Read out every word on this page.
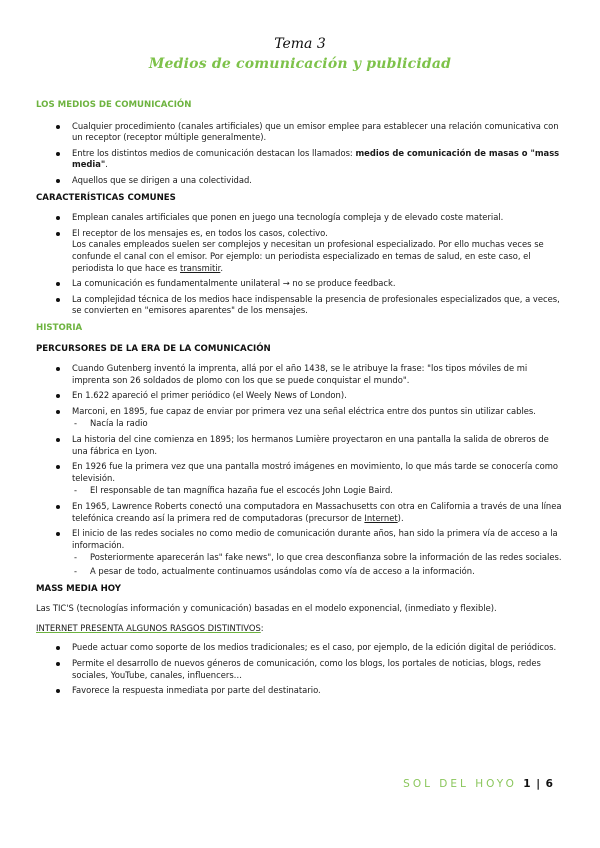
Tema 3
Medios de comunicación y publicidad
LOS MEDIOS DE COMUNICACIÓN
Cualquier procedimiento (canales artificiales) que un emisor emplee para establecer una relación comunicativa con un receptor (receptor múltiple generalmente).
Entre los distintos medios de comunicación destacan los llamados: medios de comunicación de masas o "mass media".
Aquellos que se dirigen a una colectividad.
CARACTERÍSTICAS COMUNES
Emplean canales artificiales que ponen en juego una tecnología compleja y de elevado coste material.
El receptor de los mensajes es, en todos los casos, colectivo.
Los canales empleados suelen ser complejos y necesitan un profesional especializado. Por ello muchas veces se confunde el canal con el emisor. Por ejemplo: un periodista especializado en temas de salud, en este caso, el periodista lo que hace es transmitir.
La comunicación es fundamentalmente unilateral → no se produce feedback.
La complejidad técnica de los medios hace indispensable la presencia de profesionales especializados que, a veces, se convierten en "emisores aparentes" de los mensajes.
HISTORIA
PERCURSORES DE LA ERA DE LA COMUNICACIÓN
Cuando Gutenberg inventó la imprenta, allá por el año 1438, se le atribuye la frase: "los tipos móviles de mi imprenta son 26 soldados de plomo con los que se puede conquistar el mundo".
En 1.622 apareció el primer periódico (el Weely News of London).
Marconi, en 1895, fue capaz de enviar por primera vez una señal eléctrica entre dos puntos sin utilizar cables.
- Nacía la radio
La historia del cine comienza en 1895; los hermanos Lumière proyectaron en una pantalla la salida de obreros de una fábrica en Lyon.
En 1926 fue la primera vez que una pantalla mostró imágenes en movimiento, lo que más tarde se conocería como televisión.
- El responsable de tan magnífica hazaña fue el escocés John Logie Baird.
En 1965, Lawrence Roberts conectó una computadora en Massachusetts con otra en California a través de una línea telefónica creando así la primera red de computadoras (precursor de Internet).
El inicio de las redes sociales no como medio de comunicación durante años, han sido la primera vía de acceso a la información.
- Posteriormente aparecerán las" fake news", lo que crea desconfianza sobre la información de las redes sociales.
- A pesar de todo, actualmente continuamos usándolas como vía de acceso a la información.
MASS MEDIA HOY
Las TIC'S (tecnologías información y comunicación) basadas en el modelo exponencial, (inmediato y flexible).
INTERNET PRESENTA ALGUNOS RASGOS DISTINTIVOS:
Puede actuar como soporte de los medios tradicionales; es el caso, por ejemplo, de la edición digital de periódicos.
Permite el desarrollo de nuevos géneros de comunicación, como los blogs, los portales de noticias, blogs, redes sociales, YouTube, canales, influencers…
Favorece la respuesta inmediata por parte del destinatario.
SOL DEL HOYO 1 | 6
